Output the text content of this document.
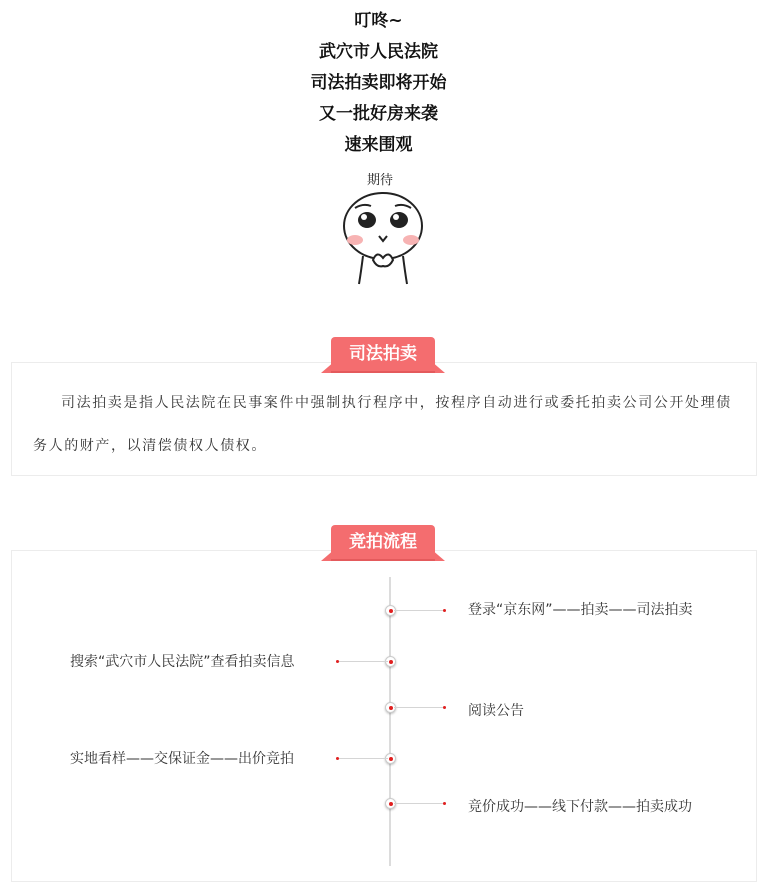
叮咚~
武穴市人民法院
司法拍卖即将开始
又一批好房来袭
速来围观
期待
司法拍卖

司法拍卖是指人民法院在民事案件中强制执行程序中，按程序自动进行或委托拍卖公司公开处理债务人的财产，以清偿债权人债权。

竞拍流程
登录“京东网”——拍卖——司法拍卖
搜索“武穴市人民法院”查看拍卖信息
阅读公告
实地看样——交保证金——出价竞拍
竞价成功——线下付款——拍卖成功
